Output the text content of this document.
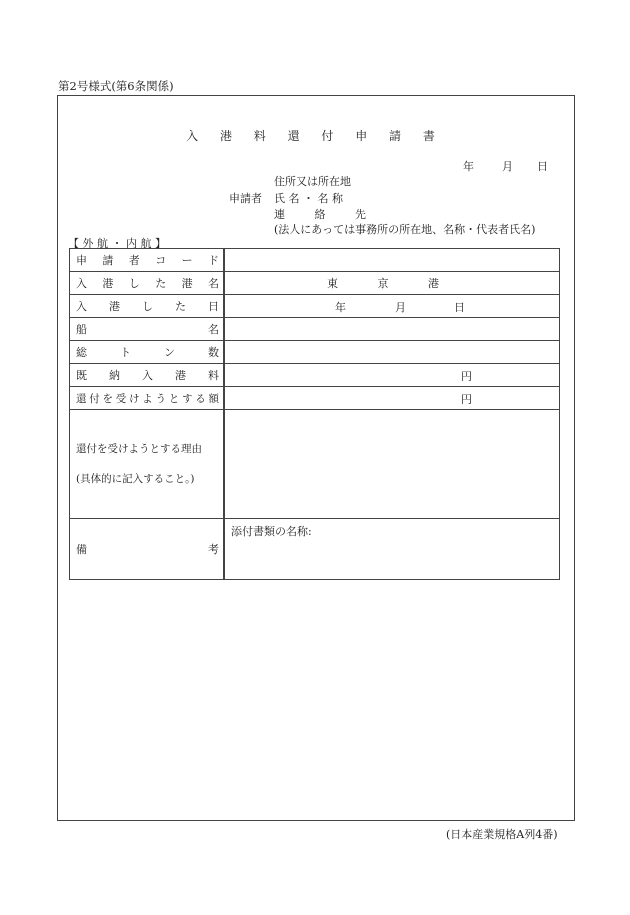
第2号様式(第6条関係)
入 港 料 還 付 申 請 書
年	月 日
申請者
住所又は所在地
氏 名 ・ 名 称
連 絡 先
(法人にあっては事務所の所在地、名称・代表者氏名)
【 外 航 ・ 内 航 】
申請者コード	
入港した港名	東 京 港
入港した日	年 月 日

船名	
総トン数	
既納入港料	円

還付を受けようとする額	円

還付を受けようとする理由
(具体的に記入すること。)	

備 考	添付書類の名称:
(日本産業規格A列4番)
